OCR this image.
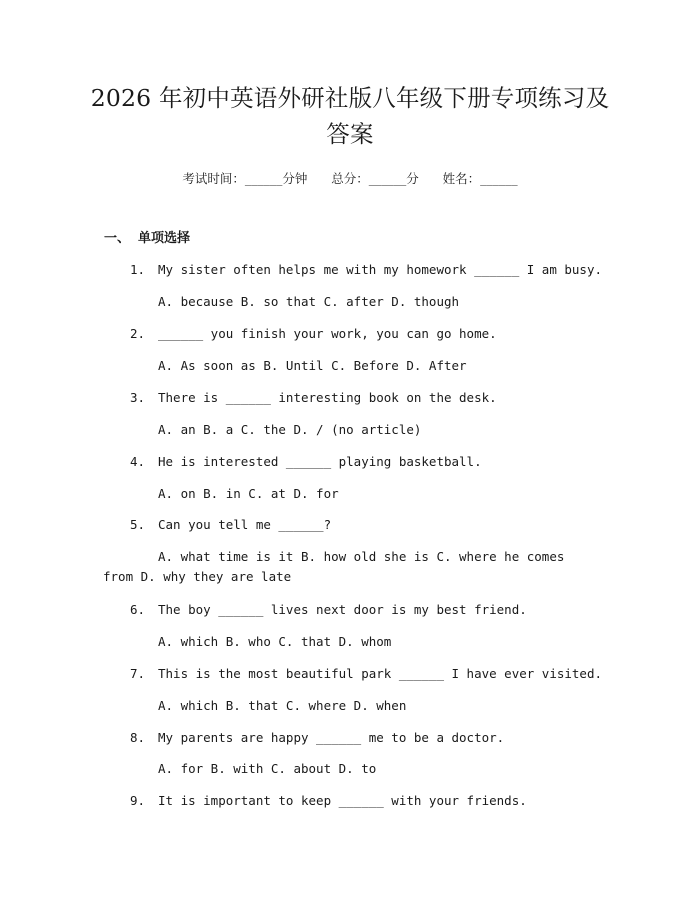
2026 年初中英语外研社版八年级下册专项练习及答案
考试时间：______分钟      总分：______分      姓名：______
一、 单项选择
1. My sister often helps me with my homework ______ I am busy.
A. because B. so that C. after D. though
2. ______ you finish your work, you can go home.
A. As soon as B. Until C. Before D. After
3. There is ______ interesting book on the desk.
A. an B. a C. the D. / (no article)
4. He is interested ______ playing basketball.
A. on B. in C. at D. for
5. Can you tell me ______?
A. what time is it B. how old she is C. where he comes from D. why they are late
6. The boy ______ lives next door is my best friend.
A. which B. who C. that D. whom
7. This is the most beautiful park ______ I have ever visited.
A. which B. that C. where D. when
8. My parents are happy ______ me to be a doctor.
A. for B. with C. about D. to
9. It is important to keep ______ with your friends.
